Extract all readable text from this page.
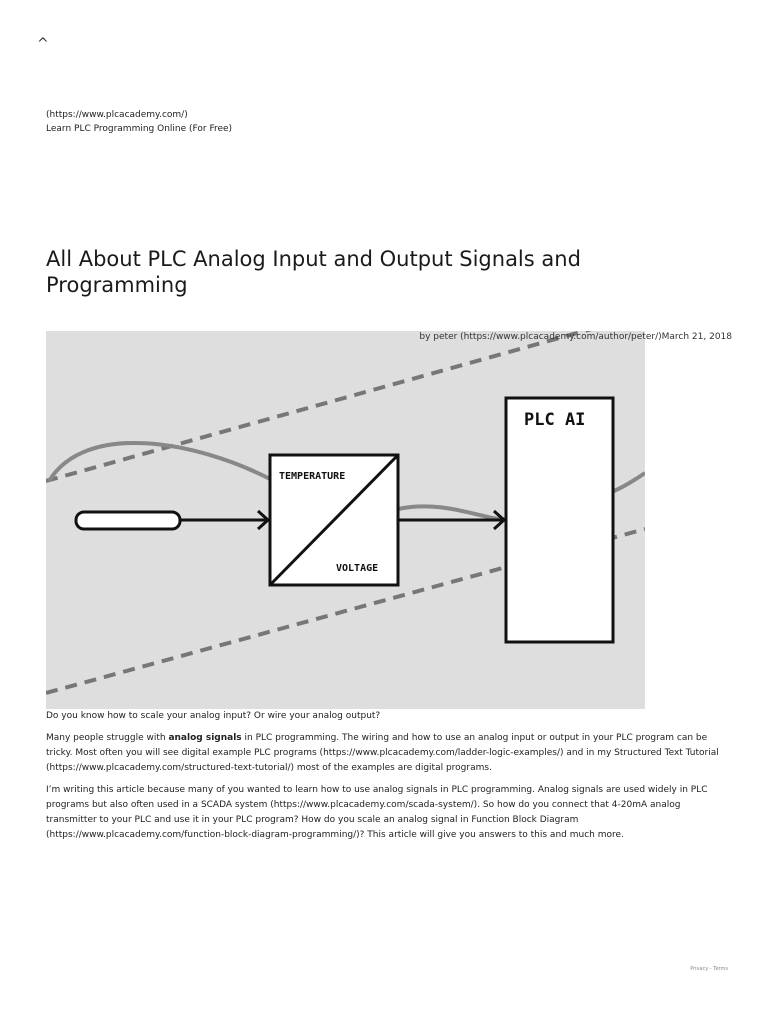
^
(https://www.plcacademy.com/)
Learn PLC Programming Online (For Free)
All About PLC Analog Input and Output Signals and Programming
by peter (https://www.plcacademy.com/author/peter/)March 21, 2018
TEMPERATURE
VOLTAGE
PLC AI

Do you know how to scale your analog input? Or wire your analog output?

Many people struggle with analog signals in PLC programming. The wiring and how to use an analog input or output in your PLC program can be tricky. Most often you will see digital example PLC programs (https://www.plcacademy.com/ladder-logic-examples/) and in my Structured Text Tutorial (https://www.plcacademy.com/structured-text-tutorial/) most of the examples are digital programs.

I’m writing this article because many of you wanted to learn how to use analog signals in PLC programming. Analog signals are used widely in PLC programs but also often used in a SCADA system (https://www.plcacademy.com/scada-system/). So how do you connect that 4-20mA analog transmitter to your PLC and use it in your PLC program? How do you scale an analog signal in Function Block Diagram (https://www.plcacademy.com/function-block-diagram-programming/)? This article will give you answers to this and much more.

Privacy - Terms
